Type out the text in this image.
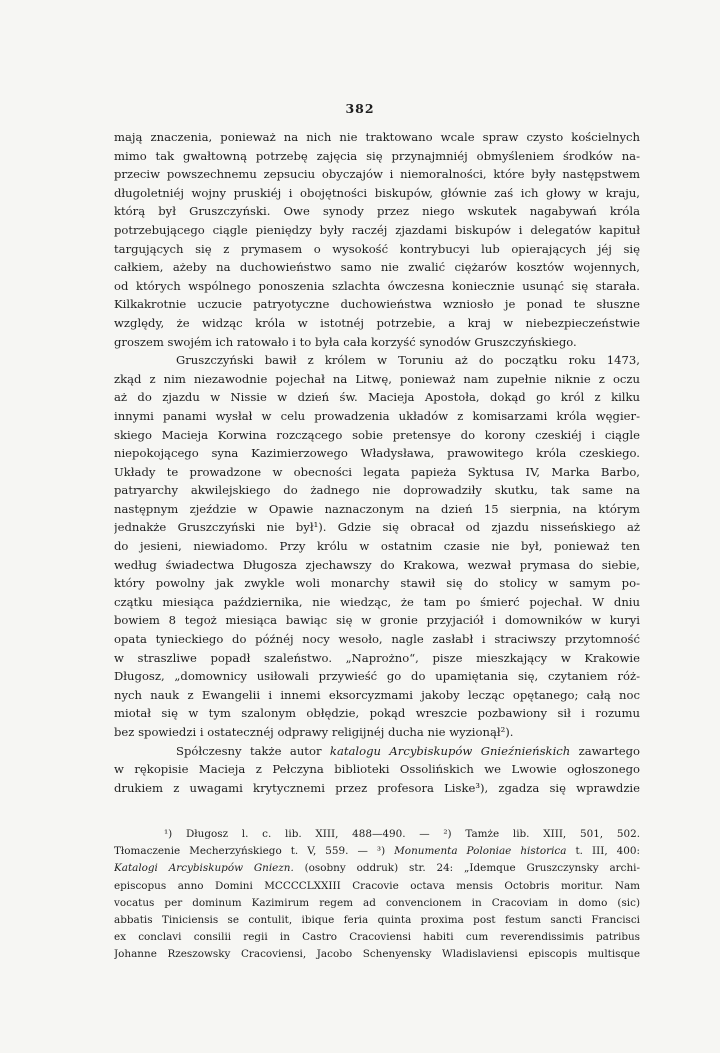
382
mają znaczenia, ponieważ na nich nie traktowano wcale spraw czysto kościelnych
mimo tak gwałtowną potrzebę zajęcia się przynajmniéj obmyśleniem środków na-
przeciw powszechnemu zepsuciu obyczajów i niemoralności, które były następstwem
długoletniéj wojny pruskiéj i obojętności biskupów, głównie zaś ich głowy w kraju,
którą był Gruszczyński. Owe synody przez niego wskutek nagabywań króla
potrzebującego ciągle pieniędzy były raczéj zjazdami biskupów i delegatów kapituł
targujących się z prymasem o wysokość kontrybucyi lub opierających jéj się
całkiem, ażeby na duchowieństwo samo nie zwalić ciężarów kosztów wojennych,
od których wspólnego ponoszenia szlachta ówczesna koniecznie usunąć się starała.
Kilkakrotnie uczucie patryotyczne duchowieństwa wzniosło je ponad te słuszne
względy, że widząc króla w istotnéj potrzebie, a kraj w niebezpieczeństwie
groszem swojém ich ratowało i to była cała korzyść synodów Gruszczyńskiego.
Gruszczyński bawił z królem w Toruniu aż do początku roku 1473,
zkąd z nim niezawodnie pojechał na Litwę, ponieważ nam zupełnie niknie z oczu
aż do zjazdu w Nissie w dzień św. Macieja Apostoła, dokąd go król z kilku
innymi panami wysłał w celu prowadzenia układów z komisarzami króla węgier-
skiego Macieja Korwina rozczącego sobie pretensye do korony czeskiéj i ciągle
niepokojącego syna Kazimierzowego Władysława, prawowitego króla czeskiego.
Układy te prowadzone w obecności legata papieża Syktusa IV, Marka Barbo,
patryarchy akwilejskiego do żadnego nie doprowadziły skutku, tak same na
następnym zjeździe w Opawie naznaczonym na dzień 15 sierpnia, na którym
jednakże Gruszczyński nie był¹). Gdzie się obracał od zjazdu nisseńskiego aż
do jesieni, niewiadomo. Przy królu w ostatnim czasie nie był, ponieważ ten
według świadectwa Długosza zjechawszy do Krakowa, wezwał prymasa do siebie,
który powolny jak zwykle woli monarchy stawił się do stolicy w samym po-
czątku miesiąca października, nie wiedząc, że tam po śmierć pojechał. W dniu
bowiem 8 tegoż miesiąca bawiąc się w gronie przyjaciół i domowników w kuryi
opata tynieckiego do późnéj nocy wesoło, nagle zasłabł i straciwszy przytomność
w straszliwe popadł szaleństwo. „Naprożno“, pisze mieszkający w Krakowie
Długosz, „domownicy usiłowali przywieść go do upamiętania się, czytaniem róż-
nych nauk z Ewangelii i innemi eksorcyzmami jakoby lecząc opętanego; całą noc
miotał się w tym szalonym obłędzie, pokąd wreszcie pozbawiony sił i rozumu
bez spowiedzi i ostatecznéj odprawy religijnéj ducha nie wyzionął²).
Spółczesny także autor katalogu Arcybiskupów Gnieźnieńskich zawartego
w rękopisie Macieja z Pełczyna biblioteki Ossolińskich we Lwowie ogłoszonego
drukiem z uwagami krytycznemi przez profesora Liske³), zgadza się wprawdzie
¹) Długosz l. c. lib. XIII, 488—490. — ²) Tamże lib. XIII, 501, 502.
Tłomaczenie Mecherzyńskiego t. V, 559. — ³) Monumenta Poloniae historica t. III, 400:
Katalogi Arcybiskupów Gniezn. (osobny oddruk) str. 24: „Idemque Gruszczynsky archi-
episcopus anno Domini MCCCCLXXIII Cracovie octava mensis Octobris moritur. Nam
vocatus per dominum Kazimirum regem ad convencionem in Cracoviam in domo (sic)
abbatis Tiniciensis se contulit, ibique feria quinta proxima post festum sancti Francisci
ex conclavi consilii regii in Castro Cracoviensi habiti cum reverendissimis patribus
Johanne Rzeszowsky Cracoviensi, Jacobo Schenyensky Wladislaviensi episcopis multisque
